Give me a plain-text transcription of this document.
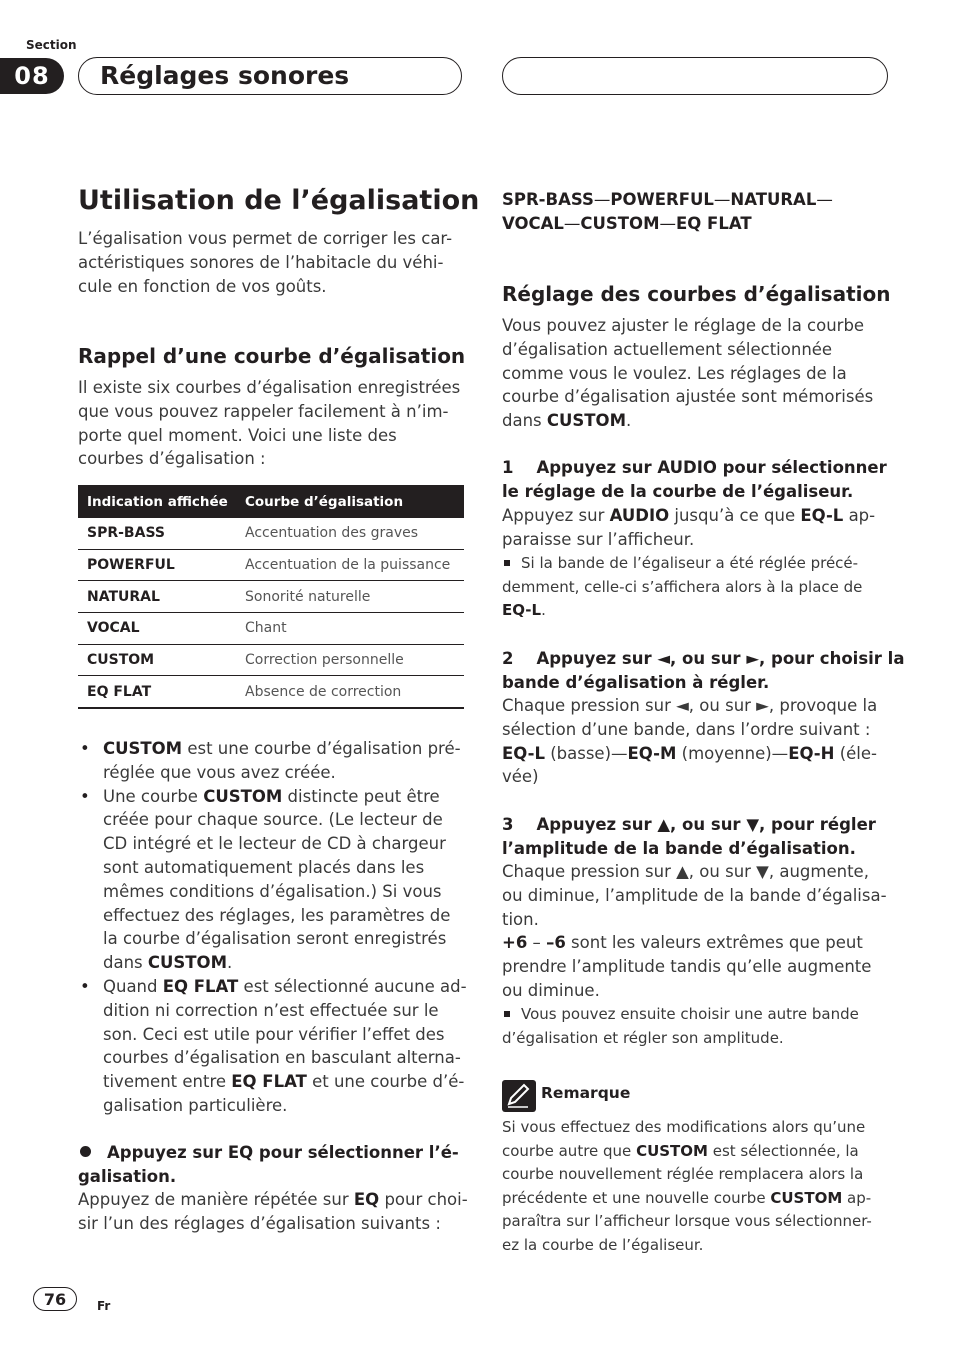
Section
08	Réglages sonores
Utilisation de l’égalisation
L’égalisation vous permet de corriger les car-
actéristiques sonores de l’habitacle du véhi-
cule en fonction de vos goûts.
Rappel d’une courbe d’égalisation
Il existe six courbes d’égalisation enregistrées
que vous pouvez rappeler facilement à n’im-
porte quel moment. Voici une liste des
courbes d’égalisation :
Indication affichée	Courbe d’égalisation
SPR-BASS	Accentuation des graves
POWERFUL	Accentuation de la puissance
NATURAL	Sonorité naturelle
VOCAL	Chant
CUSTOM	Correction personnelle
EQ FLAT	Absence de correction
• CUSTOM est une courbe d’égalisation pré-
réglée que vous avez créée.
• Une courbe CUSTOM distincte peut être
créée pour chaque source. (Le lecteur de
CD intégré et le lecteur de CD à chargeur
sont automatiquement placés dans les
mêmes conditions d’égalisation.) Si vous
effectuez des réglages, les paramètres de
la courbe d’égalisation seront enregistrés
dans CUSTOM.
• Quand EQ FLAT est sélectionné aucune ad-
dition ni correction n’est effectuée sur le
son. Ceci est utile pour vérifier l’effet des
courbes d’égalisation en basculant alterna-
tivement entre EQ FLAT et une courbe d’é-
galisation particulière.
Appuyez sur EQ pour sélectionner l’é-
galisation.
Appuyez de manière répétée sur EQ pour choi-
sir l’un des réglages d’égalisation suivants :
SPR-BASS—POWERFUL—NATURAL—
VOCAL—CUSTOM—EQ FLAT
Réglage des courbes d’égalisation
Vous pouvez ajuster le réglage de la courbe
d’égalisation actuellement sélectionnée
comme vous le voulez. Les réglages de la
courbe d’égalisation ajustée sont mémorisés
dans CUSTOM.
1    Appuyez sur AUDIO pour sélectionner
le réglage de la courbe de l’égaliseur.
Appuyez sur AUDIO jusqu’à ce que EQ-L ap-
paraisse sur l’afficheur.
Si la bande de l’égaliseur a été réglée précé-
demment, celle-ci s’affichera alors à la place de
EQ-L.
2    Appuyez sur ◄, ou sur ►, pour choisir la
bande d’égalisation à régler.
Chaque pression sur ◄, ou sur ►, provoque la
sélection d’une bande, dans l’ordre suivant :
EQ-L (basse)—EQ-M (moyenne)—EQ-H (éle-
vée)
3    Appuyez sur ▲, ou sur ▼, pour régler
l’amplitude de la bande d’égalisation.
Chaque pression sur ▲, ou sur ▼, augmente,
ou diminue, l’amplitude de la bande d’égalisa-
tion.
+6 – –6 sont les valeurs extrêmes que peut
prendre l’amplitude tandis qu’elle augmente
ou diminue.
Vous pouvez ensuite choisir une autre bande
d’égalisation et régler son amplitude.
Remarque
Si vous effectuez des modifications alors qu’une
courbe autre que CUSTOM est sélectionnée, la
courbe nouvellement réglée remplacera alors la
précédente et une nouvelle courbe CUSTOM ap-
paraîtra sur l’afficheur lorsque vous sélectionner-
ez la courbe de l’égaliseur.
76	Fr
